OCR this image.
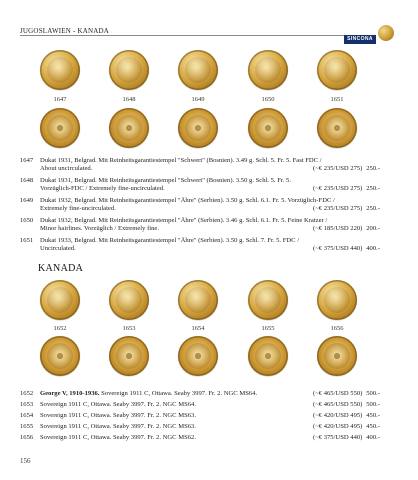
JUGOSLAWIEN - KANADA
SINCONA
1647	1648	1649	1650	1651
1647 Dukat 1931, Belgrad. Mit Reinheitsgarantiestempel "Schwert" (Bosnien). 3.49 g. Schl. 5. Fr. 5. Fast FDC /
About uncirculated.	(~€ 235/USD 275) 250.-
1648 Dukat 1931, Belgrad. Mit Reinheitsgarantiestempel "Schwert" (Bosnien). 3.50 g. Schl. 5. Fr. 5.
Vorzüglich-FDC / Extremely fine-uncirculated.	(~€ 235/USD 275) 250.-
1649 Dukat 1932, Belgrad. Mit Reinheitsgarantiestempel "Ähre" (Serbien). 3.50 g. Schl. 6.1. Fr. 5. Vorzüglich-FDC /
Extremely fine-uncirculated.	(~€ 235/USD 275) 250.-
1650 Dukat 1932, Belgrad. Mit Reinheitsgarantiestempel "Ähre" (Serbien). 3.46 g. Schl. 6.1. Fr. 5. Feine Kratzer /
Minor hairlines. Vorzüglich / Extremely fine.	(~€ 185/USD 220) 200.-
1651 Dukat 1933, Belgrad. Mit Reinheitsgarantiestempel "Ähre" (Serbien). 3.50 g. Schl. 7. Fr. 5. FDC /
Uncirculated.	(~€ 375/USD 440) 400.-
KANADA
1652	1653	1654	1655	1656
1652 George V, 1910-1936. Sovereign 1911 C, Ottawa. Seaby 3997. Fr. 2. NGC MS64.	(~€ 465/USD 550) 500.-
1653 Sovereign 1911 C, Ottawa. Seaby 3997. Fr. 2. NGC MS64.	(~€ 465/USD 550) 500.-
1654 Sovereign 1911 C, Ottawa. Seaby 3997. Fr. 2. NGC MS63.	(~€ 420/USD 495) 450.-
1655 Sovereign 1911 C, Ottawa. Seaby 3997. Fr. 2. NGC MS63.	(~€ 420/USD 495) 450.-
1656 Sovereign 1911 C, Ottawa. Seaby 3997. Fr. 2. NGC MS62.	(~€ 375/USD 440) 400.-
156
